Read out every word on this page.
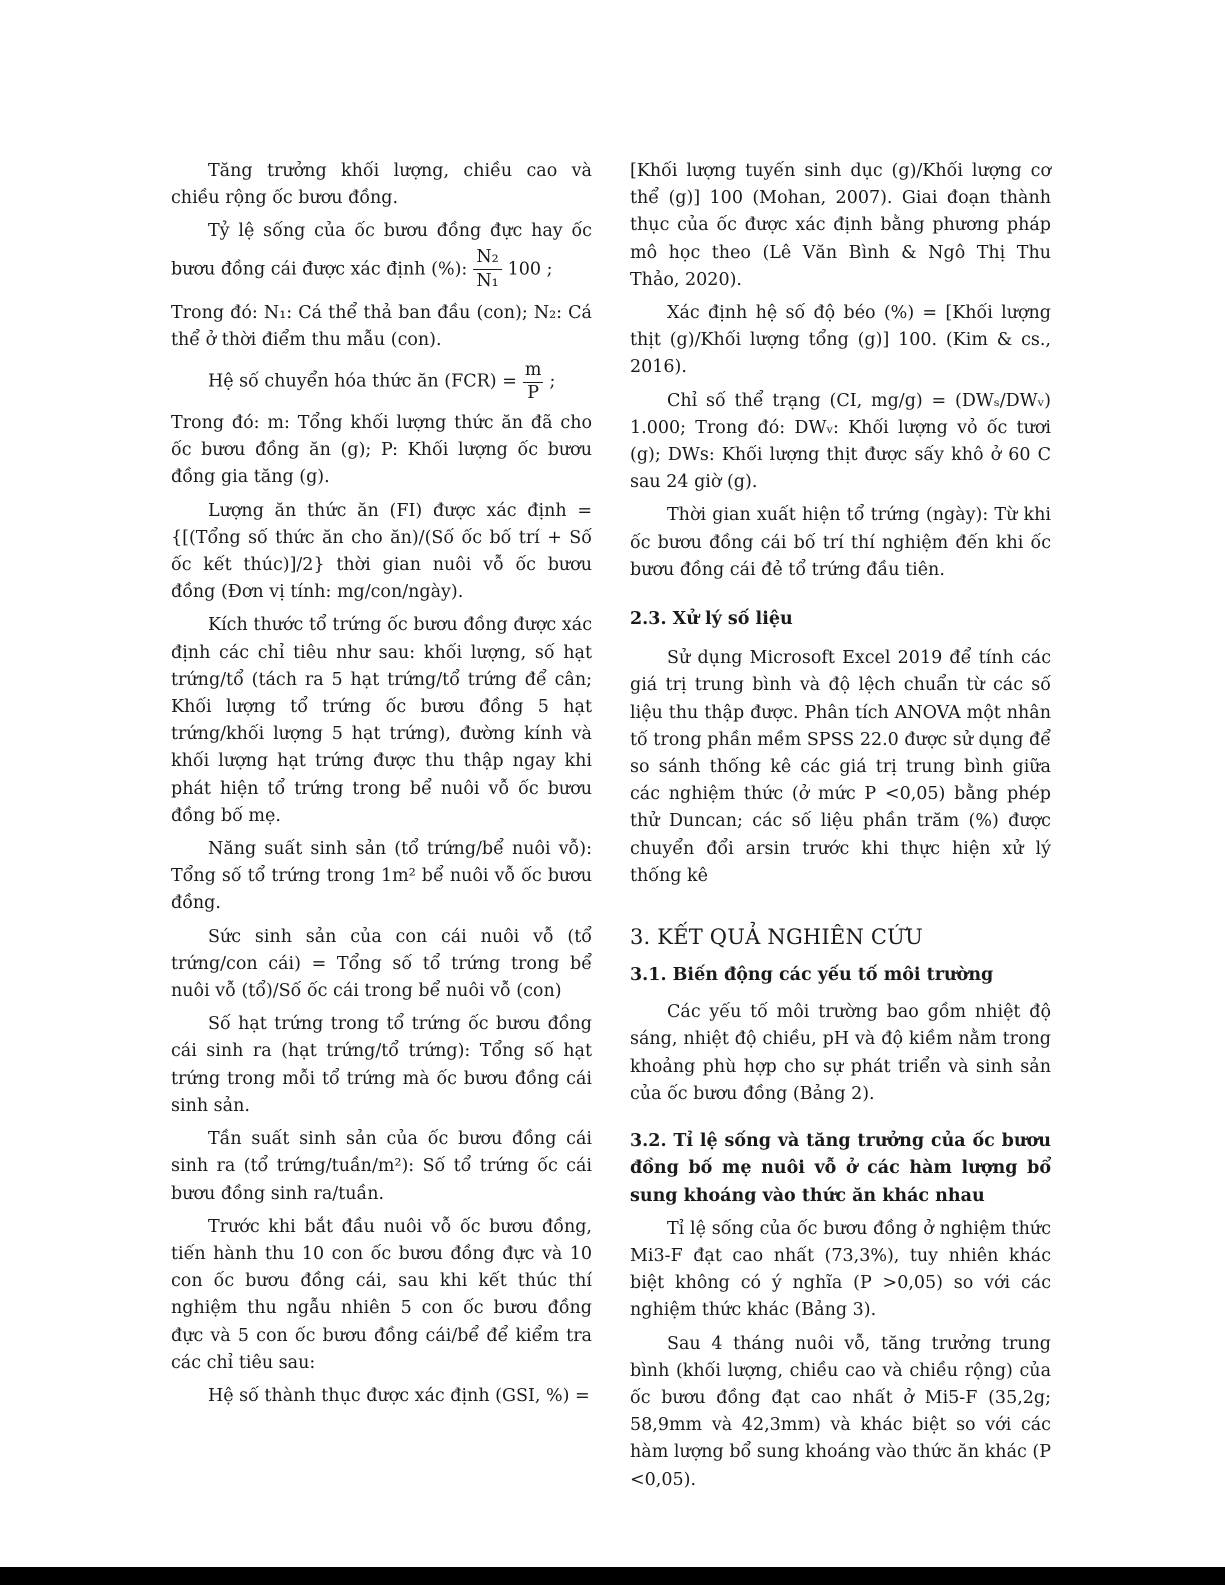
Tăng trưởng khối lượng, chiều cao và chiều rộng ốc bươu đồng.

Tỷ lệ sống của ốc bươu đồng đực hay ốc bươu đồng cái được xác định (%): $\frac{\text{N₂}}{\text{N₁}} 100$ ;

Trong đó: N₁: Cá thể thả ban đầu (con); N₂: Cá thể ở thời điểm thu mẫu (con).

Hệ số chuyển hóa thức ăn $(FCR) = \frac{m}{P}$ ;

Trong đó: m: Tổng khối lượng thức ăn đã cho ốc bươu đồng ăn (g); P: Khối lượng ốc bươu đồng gia tăng (g).

Lượng ăn thức ăn (FI) được xác định = {[(Tổng số thức ăn cho ăn)/(Số ốc bố trí + Số ốc kết thúc)]/2} thời gian nuôi vỗ ốc bươu đồng (Đơn vị tính: mg/con/ngày).

Kích thước tổ trứng ốc bươu đồng được xác định các chỉ tiêu như sau: khối lượng, số hạt trứng/tổ (tách ra 5 hạt trứng/tổ trứng để cân; Khối lượng tổ trứng ốc bươu đồng 5 hạt trứng/khối lượng 5 hạt trứng), đường kính và khối lượng hạt trứng được thu thập ngay khi phát hiện tổ trứng trong bể nuôi vỗ ốc bươu đồng bố mẹ.

Năng suất sinh sản (tổ trứng/bể nuôi vỗ): Tổng số tổ trứng trong 1m² bể nuôi vỗ ốc bươu đồng.

Sức sinh sản của con cái nuôi vỗ (tổ trứng/con cái) = Tổng số tổ trứng trong bể nuôi vỗ (tổ)/Số ốc cái trong bể nuôi vỗ (con)

Số hạt trứng trong tổ trứng ốc bươu đồng cái sinh ra (hạt trứng/tổ trứng): Tổng số hạt trứng trong mỗi tổ trứng mà ốc bươu đồng cái sinh sản.

Tần suất sinh sản của ốc bươu đồng cái sinh ra (tổ trứng/tuần/m²): Số tổ trứng ốc cái bươu đồng sinh ra/tuần.

Trước khi bắt đầu nuôi vỗ ốc bươu đồng, tiến hành thu 10 con ốc bươu đồng đực và 10 con ốc bươu đồng cái, sau khi kết thúc thí nghiệm thu ngẫu nhiên 5 con ốc bươu đồng đực và 5 con ốc bươu đồng cái/bể để kiểm tra các chỉ tiêu sau:

Hệ số thành thục được xác định (GSI, %) =

[Khối lượng tuyến sinh dục (g)/Khối lượng cơ thể (g)] 100 (Mohan, 2007). Giai đoạn thành thục của ốc được xác định bằng phương pháp mô học theo (Lê Văn Bình & Ngô Thị Thu Thảo, 2020).

Xác định hệ số độ béo (%) = [Khối lượng thịt (g)/Khối lượng tổng (g)] 100. (Kim & cs., 2016).

Chỉ số thể trạng (CI, mg/g) = (DWₛ/DWᵥ) 1.000; Trong đó: DWᵥ: Khối lượng vỏ ốc tươi (g); DWs: Khối lượng thịt được sấy khô ở 60 C sau 24 giờ (g).

Thời gian xuất hiện tổ trứng (ngày): Từ khi ốc bươu đồng cái bố trí thí nghiệm đến khi ốc bươu đồng cái đẻ tổ trứng đầu tiên.

2.3. Xử lý số liệu

Sử dụng Microsoft Excel 2019 để tính các giá trị trung bình và độ lệch chuẩn từ các số liệu thu thập được. Phân tích ANOVA một nhân tố trong phần mềm SPSS 22.0 được sử dụng để so sánh thống kê các giá trị trung bình giữa các nghiệm thức (ở mức P <0,05) bằng phép thử Duncan; các số liệu phần trăm (%) được chuyển đổi arsin trước khi thực hiện xử lý thống kê

3. KẾT QUẢ NGHIÊN CỨU
3.1. Biến động các yếu tố môi trường

Các yếu tố môi trường bao gồm nhiệt độ sáng, nhiệt độ chiều, pH và độ kiềm nằm trong khoảng phù hợp cho sự phát triển và sinh sản của ốc bươu đồng (Bảng 2).

3.2. Tỉ lệ sống và tăng trưởng của ốc bươu đồng bố mẹ nuôi vỗ ở các hàm lượng bổ sung khoáng vào thức ăn khác nhau

Tỉ lệ sống của ốc bươu đồng ở nghiệm thức Mi3-F đạt cao nhất (73,3%), tuy nhiên khác biệt không có ý nghĩa (P >0,05) so với các nghiệm thức khác (Bảng 3).

Sau 4 tháng nuôi vỗ, tăng trưởng trung bình (khối lượng, chiều cao và chiều rộng) của ốc bươu đồng đạt cao nhất ở Mi5-F (35,2g; 58,9mm và 42,3mm) và khác biệt so với các hàm lượng bổ sung khoáng vào thức ăn khác (P <0,05).
